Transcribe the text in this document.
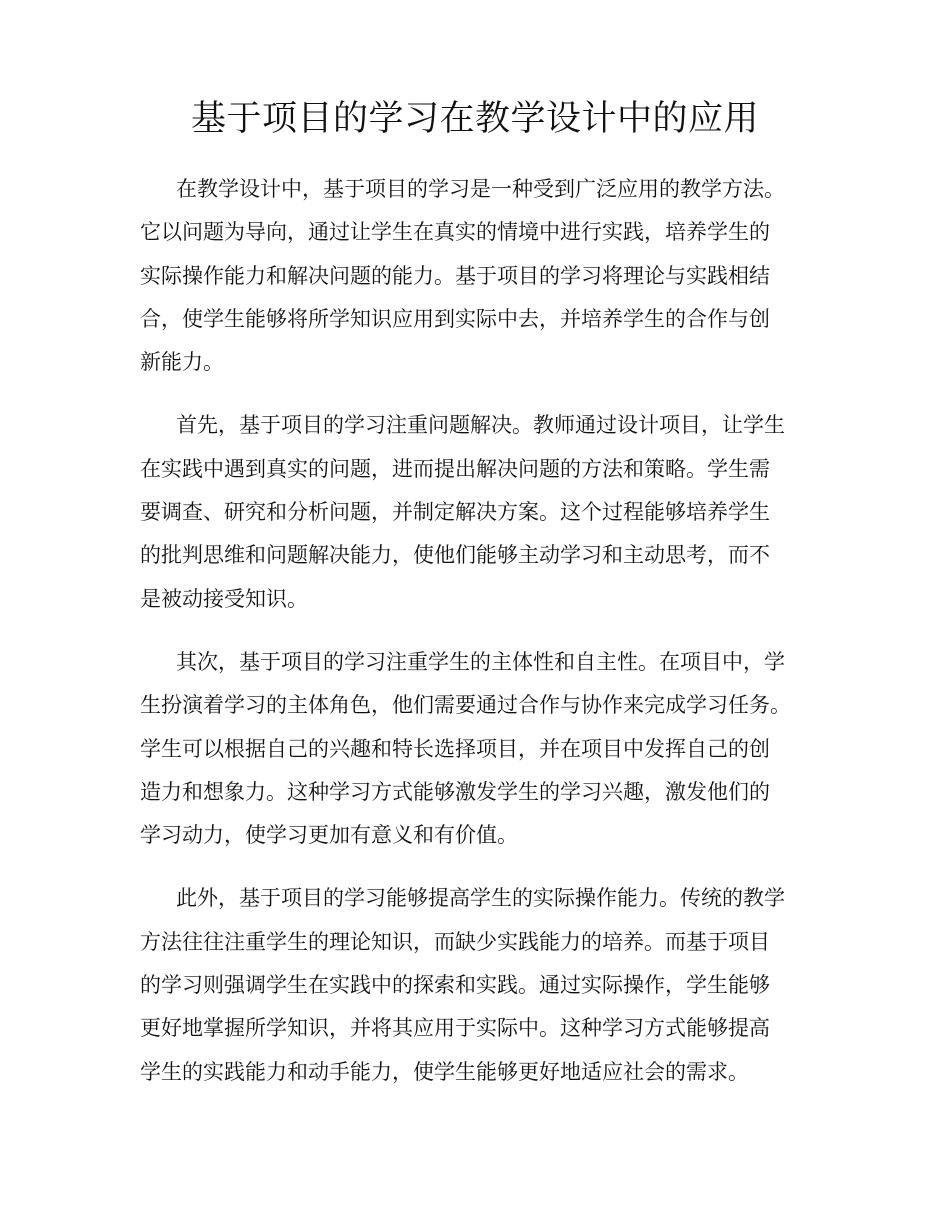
基于项目的学习在教学设计中的应用

在教学设计中，基于项目的学习是一种受到广泛应用的教学方法。
它以问题为导向，通过让学生在真实的情境中进行实践，培养学生的
实际操作能力和解决问题的能力。基于项目的学习将理论与实践相结
合，使学生能够将所学知识应用到实际中去，并培养学生的合作与创
新能力。

首先，基于项目的学习注重问题解决。教师通过设计项目，让学生
在实践中遇到真实的问题，进而提出解决问题的方法和策略。学生需
要调查、研究和分析问题，并制定解决方案。这个过程能够培养学生
的批判思维和问题解决能力，使他们能够主动学习和主动思考，而不
是被动接受知识。

其次，基于项目的学习注重学生的主体性和自主性。在项目中，学
生扮演着学习的主体角色，他们需要通过合作与协作来完成学习任务。
学生可以根据自己的兴趣和特长选择项目，并在项目中发挥自己的创
造力和想象力。这种学习方式能够激发学生的学习兴趣，激发他们的
学习动力，使学习更加有意义和有价值。

此外，基于项目的学习能够提高学生的实际操作能力。传统的教学
方法往往注重学生的理论知识，而缺少实践能力的培养。而基于项目
的学习则强调学生在实践中的探索和实践。通过实际操作，学生能够
更好地掌握所学知识，并将其应用于实际中。这种学习方式能够提高
学生的实践能力和动手能力，使学生能够更好地适应社会的需求。
